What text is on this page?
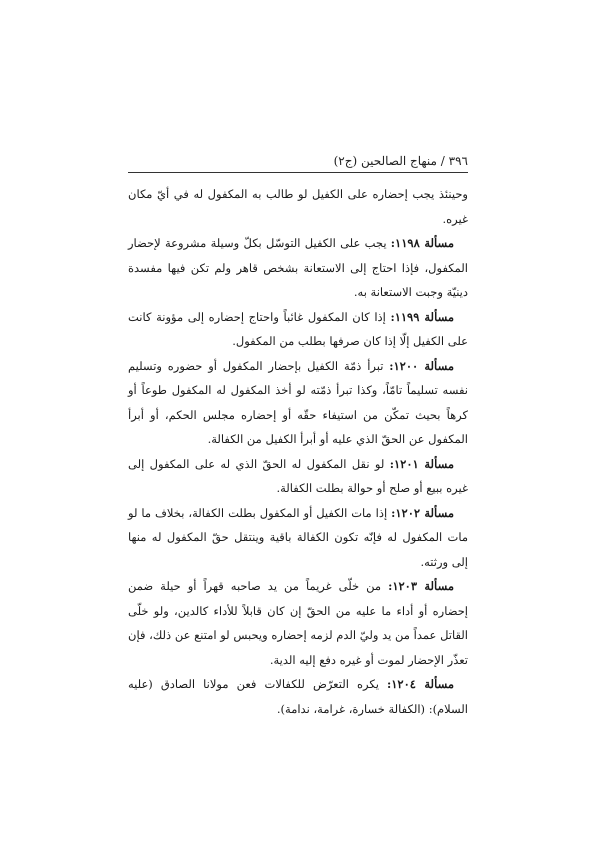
٣٩٦ / منهاج الصالحين (ج٢)

وحينئذ يجب إحضاره على الكفيل لو طالب به المكفول له في أيّ مكان غيره.

مسألة ١١٩٨: يجب على الكفيل التوسّل بكلّ وسيلة مشروعة لإحضار المكفول، فإذا احتاج إلى الاستعانة بشخص قاهر ولم تكن فيها مفسدة دينيّة وجبت الاستعانة به.

مسألة ١١٩٩: إذا كان المكفول غائباً واحتاج إحضاره إلى مؤونة كانت على الكفيل إلّا إذا كان صرفها بطلب من المكفول.

مسألة ١٢٠٠: تبرأ ذمّة الكفيل بإحضار المكفول أو حضوره وتسليم نفسه تسليماً تامّاً، وكذا تبرأ ذمّته لو أخذ المكفول له المكفول طوعاً أو كرهاً بحيث تمكّن من استيفاء حقّه أو إحضاره مجلس الحكم، أو أبرأ المكفول عن الحقّ الذي عليه أو أبرأ الكفيل من الكفالة.

مسألة ١٢٠١: لو نقل المكفول له الحقّ الذي له على المكفول إلى غيره ببيع أو صلح أو حوالة بطلت الكفالة.

مسألة ١٢٠٢: إذا مات الكفيل أو المكفول بطلت الكفالة، بخلاف ما لو مات المكفول له فإنّه تكون الكفالة باقية وينتقل حقّ المكفول له منها إلى ورثته.

مسألة ١٢٠٣: من خلّى غريماً من يد صاحبه قهراً أو حيلة ضمن إحضاره أو أداء ما عليه من الحقّ إن كان قابلاً للأداء كالدين، ولو خلّى القاتل عمداً من يد وليّ الدم لزمه إحضاره ويحبس لو امتنع عن ذلك، فإن تعذّر الإحضار لموت أو غيره دفع إليه الدية.

مسألة ١٢٠٤: يكره التعرّض للكفالات فعن مولانا الصادق (عليه السلام): (الكفالة خسارة، غرامة، ندامة).
